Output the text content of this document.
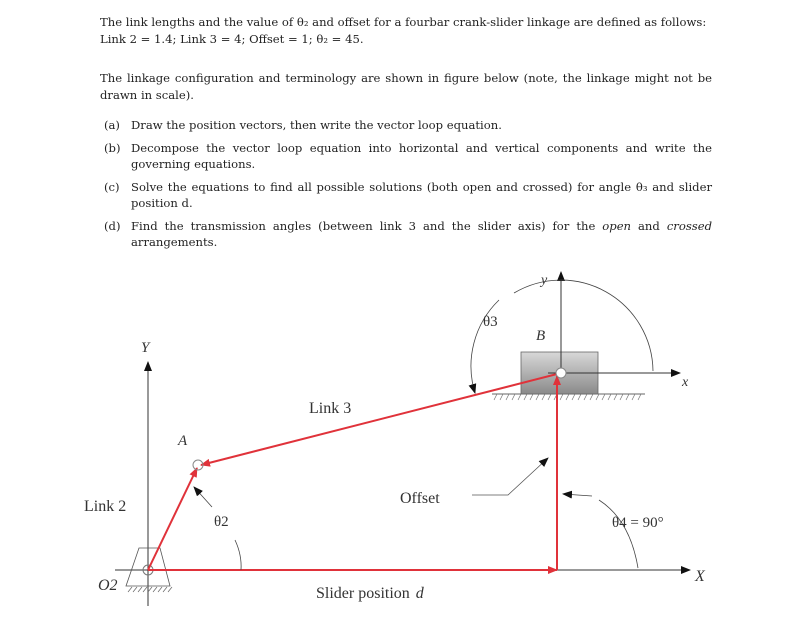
The link lengths and the value of θ₂ and offset for a fourbar crank-slider linkage are defined as follows:
Link 2 = 1.4; Link 3 = 4; Offset = 1; θ₂ = 45.
The linkage configuration and terminology are shown in figure below (note, the linkage might not be drawn in scale).
(a) Draw the position vectors, then write the vector loop equation.
(b) Decompose the vector loop equation into horizontal and vertical components and write the governing equations.
(c) Solve the equations to find all possible solutions (both open and crossed) for angle θ₃ and slider position d.
(d) Find the transmission angles (between link 3 and the slider axis) for the open and crossed arrangements.
Y
X
O2
y
x
B
θ3
A
Link 3
Link 2
θ2
Offset
θ4 = 90°
Slider position d
